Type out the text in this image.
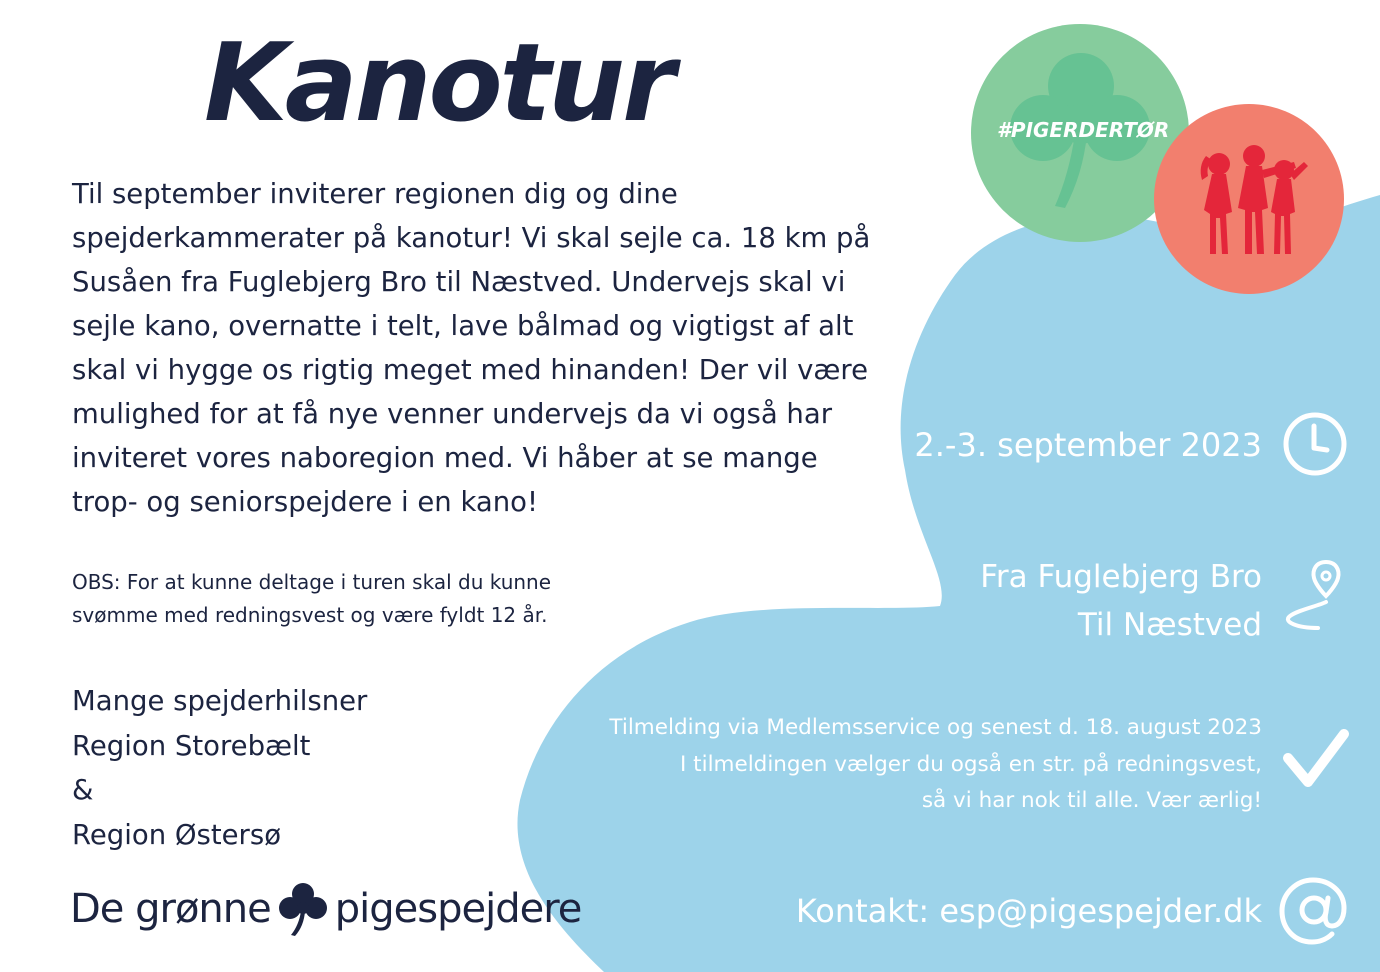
Kanotur

Til september inviterer regionen dig og dine spejderkammerater på kanotur! Vi skal sejle ca. 18 km på Susåen fra Fuglebjerg Bro til Næstved. Undervejs skal vi sejle kano, overnatte i telt, lave bålmad og vigtigst af alt skal vi hygge os rigtig meget med hinanden! Der vil være mulighed for at få nye venner undervejs da vi også har inviteret vores naboregion med. Vi håber at se mange trop- og seniorspejdere i en kano!

OBS: For at kunne deltage i turen skal du kunne svømme med redningsvest og være fyldt 12 år.

Mange spejderhilsner
Region Storebælt
&
Region Østersø
De grønne pigespejdere
#PIGERDERTØR
2.-3. september 2023
Fra Fuglebjerg Bro
Til Næstved
Tilmelding via Medlemsservice og senest d. 18. august 2023
I tilmeldingen vælger du også en str. på redningsvest,
så vi har nok til alle. Vær ærlig!
Kontakt: esp@pigespejder.dk
